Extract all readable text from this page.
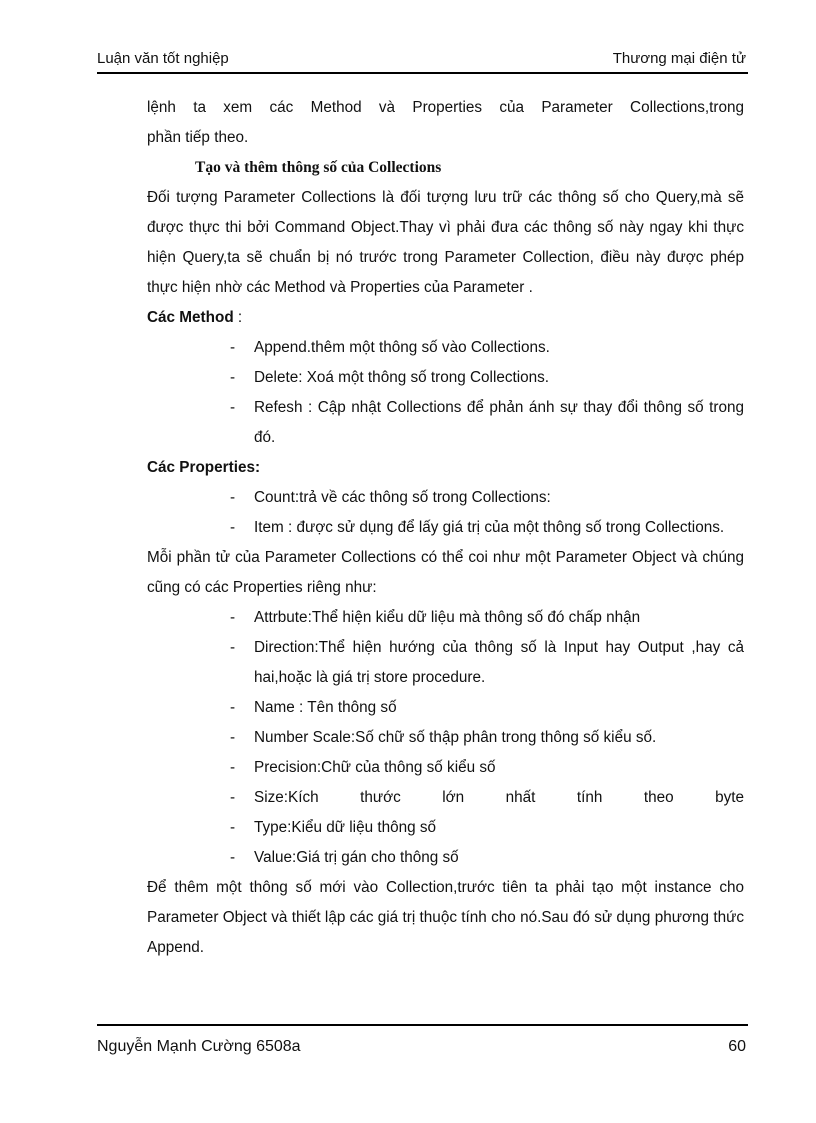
Luận văn tốt nghiệp	Thương mại điện tử

lệnh ta xem các Method và Properties của Parameter Collections,trong

phần tiếp theo.

Tạo và thêm thông số của Collections

Đối tượng Parameter Collections là đối tượng lưu trữ các thông số cho Query,mà sẽ được thực thi bởi Command Object.Thay vì phải đưa các thông số này ngay khi thực hiện Query,ta sẽ chuẩn bị nó trước trong Parameter Collection, điều này được phép thực hiện nhờ các Method và Properties của Parameter .

Các Method :

- Append.thêm một thông số vào Collections.
- Delete: Xoá một thông số trong Collections.
- Refesh : Cập nhật Collections để phản ánh sự thay đổi thông số trong đó.

Các Properties:

- Count:trả về các thông số trong Collections:
- Item : được sử dụng để lấy giá trị của một thông số trong Collections.

Mỗi phần tử của Parameter Collections có thể coi như một Parameter Object và chúng cũng có các Properties riêng như:

- Attrbute:Thể hiện kiểu dữ liệu mà thông số đó chấp nhận
- Direction:Thể hiện hướng của thông số là Input hay Output ,hay cả hai,hoặc là giá trị store procedure.
- Name : Tên thông số
- Number Scale:Số chữ số thập phân trong thông số kiểu số.
- Precision:Chữ của thông số kiểu số
- Size:Kích thước lớn nhất tính theo byte
- Type:Kiểu dữ liệu thông số
- Value:Giá trị gán cho thông số

Để thêm một thông số mới vào Collection,trước tiên ta phải tạo một instance cho Parameter Object và thiết lập các giá trị thuộc tính cho nó.Sau đó sử dụng phương thức Append.

Nguyễn Mạnh Cường 6508a	60
